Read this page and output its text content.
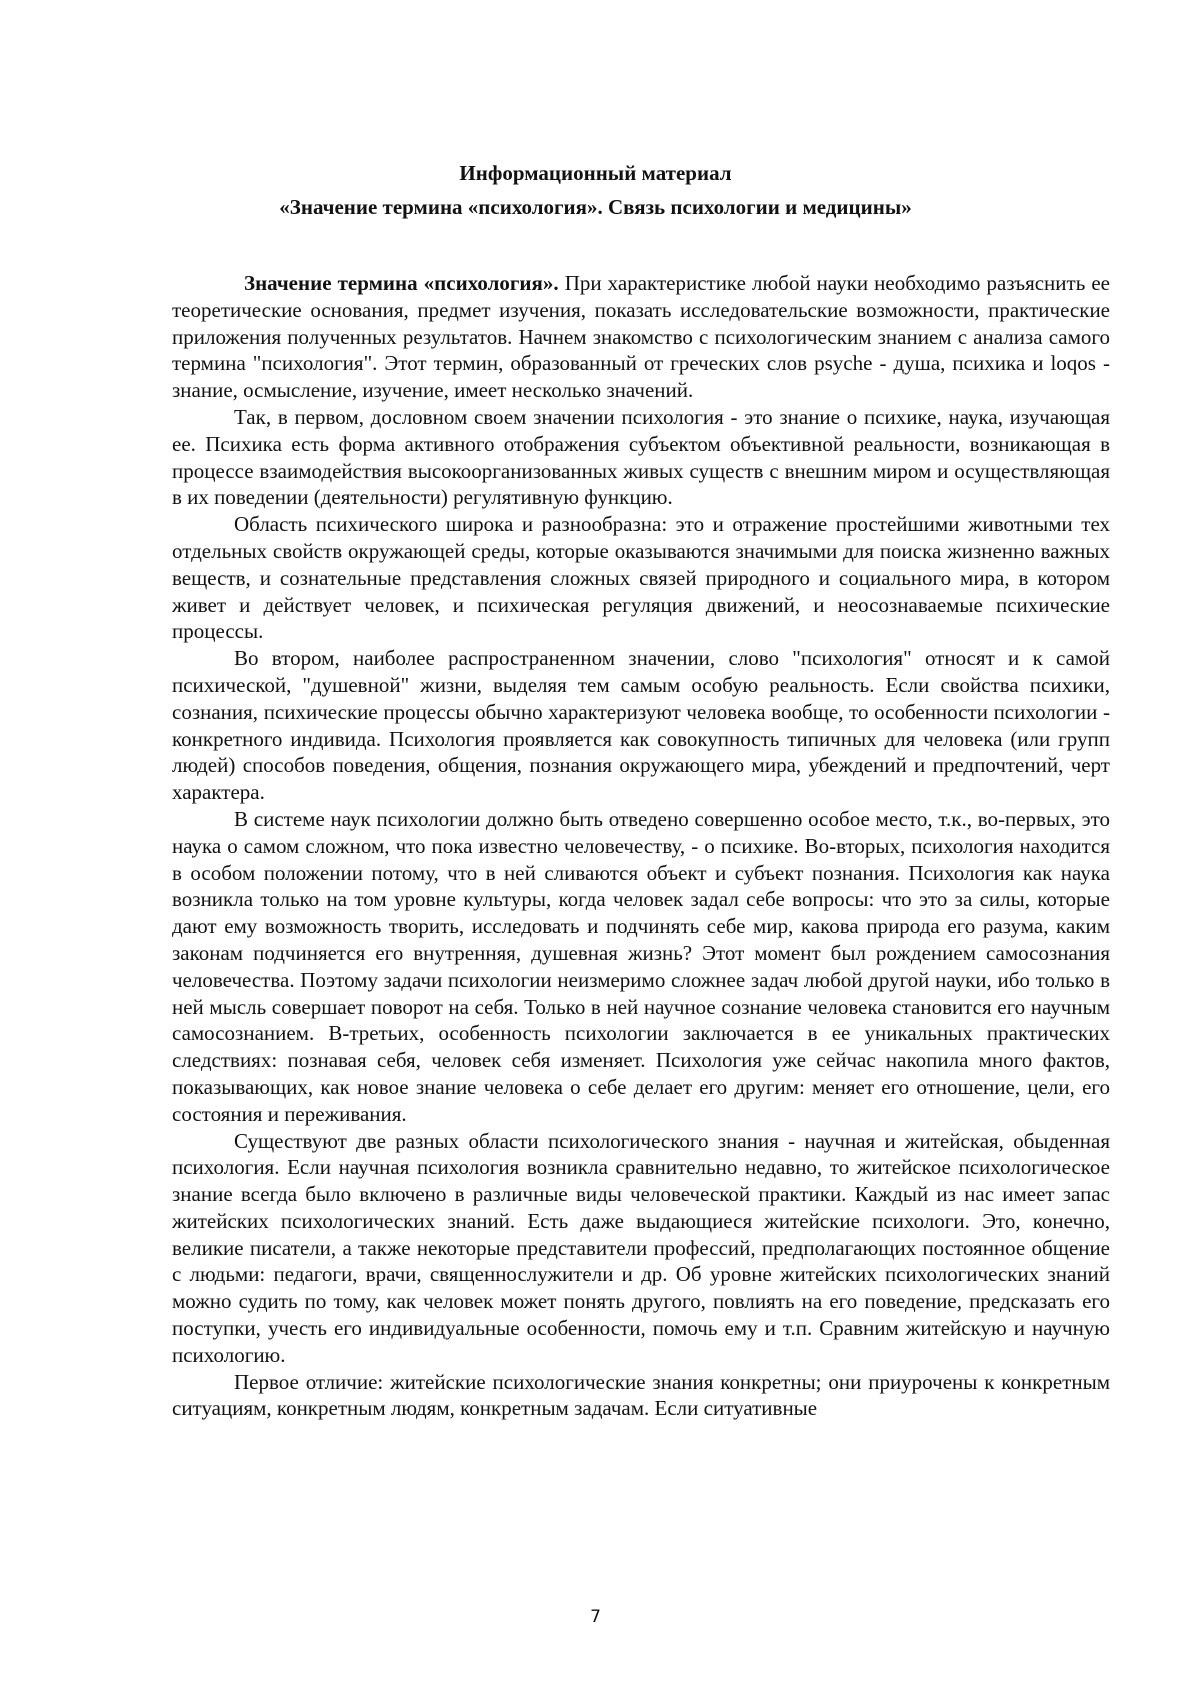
Информационный материал
«Значение термина «психология». Связь психологии и медицины»

Значение термина «психология». При характеристике любой науки необходимо разъяснить ее теоретические основания, предмет изучения, показать исследовательские возможности, практические приложения полученных результатов. Начнем знакомство с психологическим знанием с анализа самого термина "психология". Этот термин, образованный от греческих слов psyche - душа, психика и loqos - знание, осмысление, изучение, имеет несколько значений.

Так, в первом, дословном своем значении психология - это знание о психике, наука, изучающая ее. Психика есть форма активного отображения субъектом объективной реальности, возникающая в процессе взаимодействия высокоорганизованных живых существ с внешним миром и осуществляющая в их поведении (деятельности) регулятивную функцию.

Область психического широка и разнообразна: это и отражение простейшими животными тех отдельных свойств окружающей среды, которые оказываются значимыми для поиска жизненно важных веществ, и сознательные представления сложных связей природного и социального мира, в котором живет и действует человек, и психическая регуляция движений, и неосознаваемые психические процессы.

Во втором, наиболее распространенном значении, слово "психология" относят и к самой психической, "душевной" жизни, выделяя тем самым особую реальность. Если свойства психики, сознания, психические процессы обычно характеризуют человека вообще, то особенности психологии - конкретного индивида. Психология проявляется как совокупность типичных для человека (или групп людей) способов поведения, общения, познания окружающего мира, убеждений и предпочтений, черт характера.

В системе наук психологии должно быть отведено совершенно особое место, т.к., во-первых, это наука о самом сложном, что пока известно человечеству, - о психике. Во-вторых, психология находится в особом положении потому, что в ней сливаются объект и субъект познания. Психология как наука возникла только на том уровне культуры, когда человек задал себе вопросы: что это за силы, которые дают ему возможность творить, исследовать и подчинять себе мир, какова природа его разума, каким законам подчиняется его внутренняя, душевная жизнь? Этот момент был рождением самосознания человечества. Поэтому задачи психологии неизмеримо сложнее задач любой другой науки, ибо только в ней мысль совершает поворот на себя. Только в ней научное сознание человека становится его научным самосознанием. В-третьих, особенность психологии заключается в ее уникальных практических следствиях: познавая себя, человек себя изменяет. Психология уже сейчас накопила много фактов, показывающих, как новое знание человека о себе делает его другим: меняет его отношение, цели, его состояния и переживания.

Существуют две разных области психологического знания - научная и житейская, обыденная психология. Если научная психология возникла сравнительно недавно, то житейское психологическое знание всегда было включено в различные виды человеческой практики. Каждый из нас имеет запас житейских психологических знаний. Есть даже выдающиеся житейские психологи. Это, конечно, великие писатели, а также некоторые представители профессий, предполагающих постоянное общение с людьми: педагоги, врачи, священнослужители и др. Об уровне житейских психологических знаний можно судить по тому, как человек может понять другого, повлиять на его поведение, предсказать его поступки, учесть его индивидуальные особенности, помочь ему и т.п. Сравним житейскую и научную психологию.

Первое отличие: житейские психологические знания конкретны; они приурочены к конкретным ситуациям, конкретным людям, конкретным задачам. Если ситуативные

7
